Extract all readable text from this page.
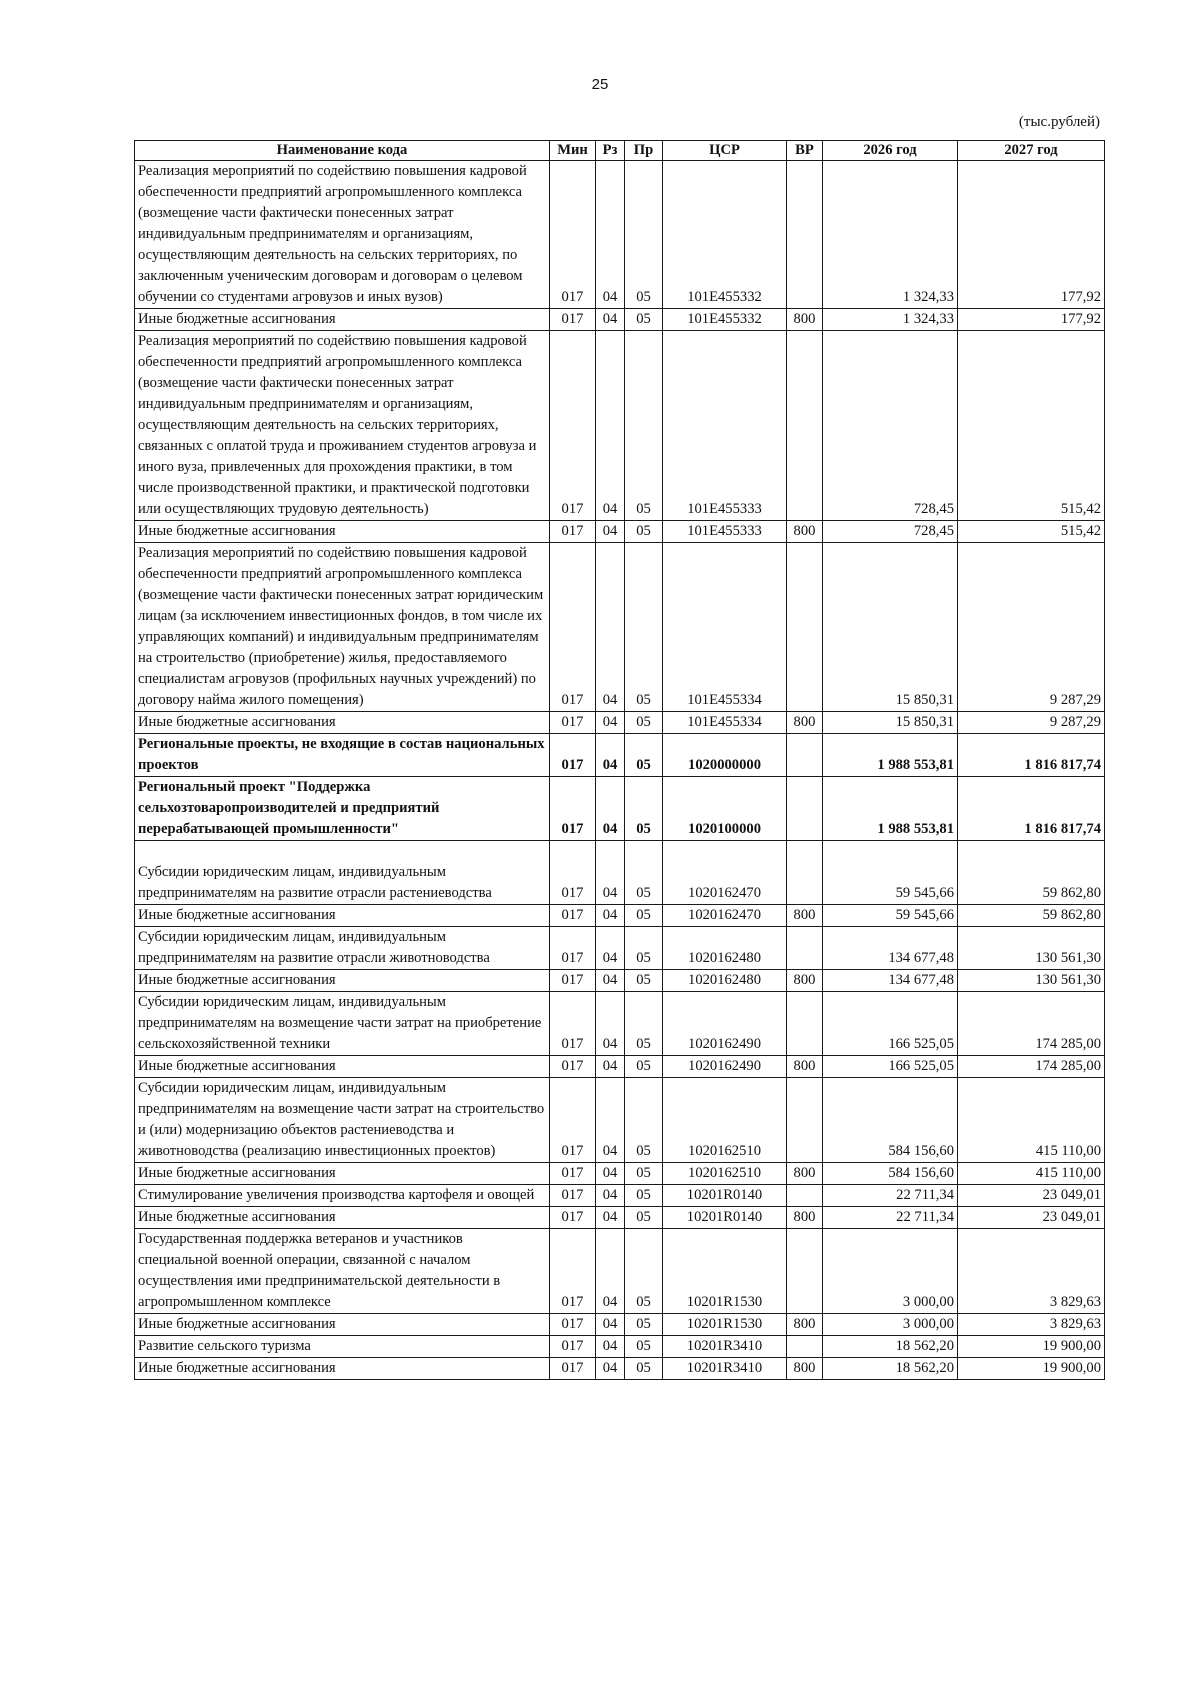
25
(тыс.рублей)
Наименование кода	Мин	Рз	Пр	ЦСР	ВР	2026 год	2027 год
Реализация мероприятий по содействию повышения кадровой обеспеченности предприятий агропромышленного комплекса (возмещение части фактически понесенных затрат индивидуальным предпринимателям и организациям, осуществляющим деятельность на сельских территориях, по заключенным ученическим договорам и договорам о целевом обучении со студентами агровузов и иных вузов)	017	04	05	101Е455332		1 324,33	177,92
Иные бюджетные ассигнования	017	04	05	101Е455332	800	1 324,33	177,92
Реализация мероприятий по содействию повышения кадровой обеспеченности предприятий агропромышленного комплекса (возмещение части фактически понесенных затрат индивидуальным предпринимателям и организациям, осуществляющим деятельность на сельских территориях, связанных с оплатой труда и проживанием студентов агровуза и иного вуза, привлеченных для прохождения практики, в том числе производственной практики, и практической подготовки или осуществляющих трудовую деятельность)	017	04	05	101Е455333		728,45	515,42
Иные бюджетные ассигнования	017	04	05	101Е455333	800	728,45	515,42
Реализация мероприятий по содействию повышения кадровой обеспеченности предприятий агропромышленного комплекса (возмещение части фактически понесенных затрат юридическим лицам (за исключением инвестиционных фондов, в том числе их управляющих компаний) и индивидуальным предпринимателям на строительство (приобретение) жилья, предоставляемого специалистам агровузов (профильных научных учреждений) по договору найма жилого помещения)	017	04	05	101Е455334		15 850,31	9 287,29
Иные бюджетные ассигнования	017	04	05	101Е455334	800	15 850,31	9 287,29
Региональные проекты, не входящие в состав национальных проектов	017	04	05	1020000000		1 988 553,81	1 816 817,74
Региональный проект "Поддержка сельхозтоваропроизводителей и предприятий перерабатывающей промышленности"	017	04	05	1020100000		1 988 553,81	1 816 817,74
Субсидии юридическим лицам, индивидуальным предпринимателям на развитие отрасли растениеводства	017	04	05	1020162470		59 545,66	59 862,80
Иные бюджетные ассигнования	017	04	05	1020162470	800	59 545,66	59 862,80
Субсидии юридическим лицам, индивидуальным предпринимателям на развитие отрасли животноводства	017	04	05	1020162480		134 677,48	130 561,30
Иные бюджетные ассигнования	017	04	05	1020162480	800	134 677,48	130 561,30
Субсидии юридическим лицам, индивидуальным предпринимателям на возмещение части затрат на приобретение сельскохозяйственной техники	017	04	05	1020162490		166 525,05	174 285,00
Иные бюджетные ассигнования	017	04	05	1020162490	800	166 525,05	174 285,00
Субсидии юридическим лицам, индивидуальным предпринимателям на возмещение части затрат на строительство и (или) модернизацию объектов растениеводства и животноводства (реализацию инвестиционных проектов)	017	04	05	1020162510		584 156,60	415 110,00
Иные бюджетные ассигнования	017	04	05	1020162510	800	584 156,60	415 110,00
Стимулирование увеличения производства картофеля и овощей	017	04	05	10201R0140		22 711,34	23 049,01
Иные бюджетные ассигнования	017	04	05	10201R0140	800	22 711,34	23 049,01
Государственная поддержка ветеранов и участников специальной военной операции, связанной с началом осуществления ими предпринимательской деятельности в агропромышленном комплексе	017	04	05	10201R1530		3 000,00	3 829,63
Иные бюджетные ассигнования	017	04	05	10201R1530	800	3 000,00	3 829,63
Развитие сельского туризма	017	04	05	10201R3410		18 562,20	19 900,00
Иные бюджетные ассигнования	017	04	05	10201R3410	800	18 562,20	19 900,00
